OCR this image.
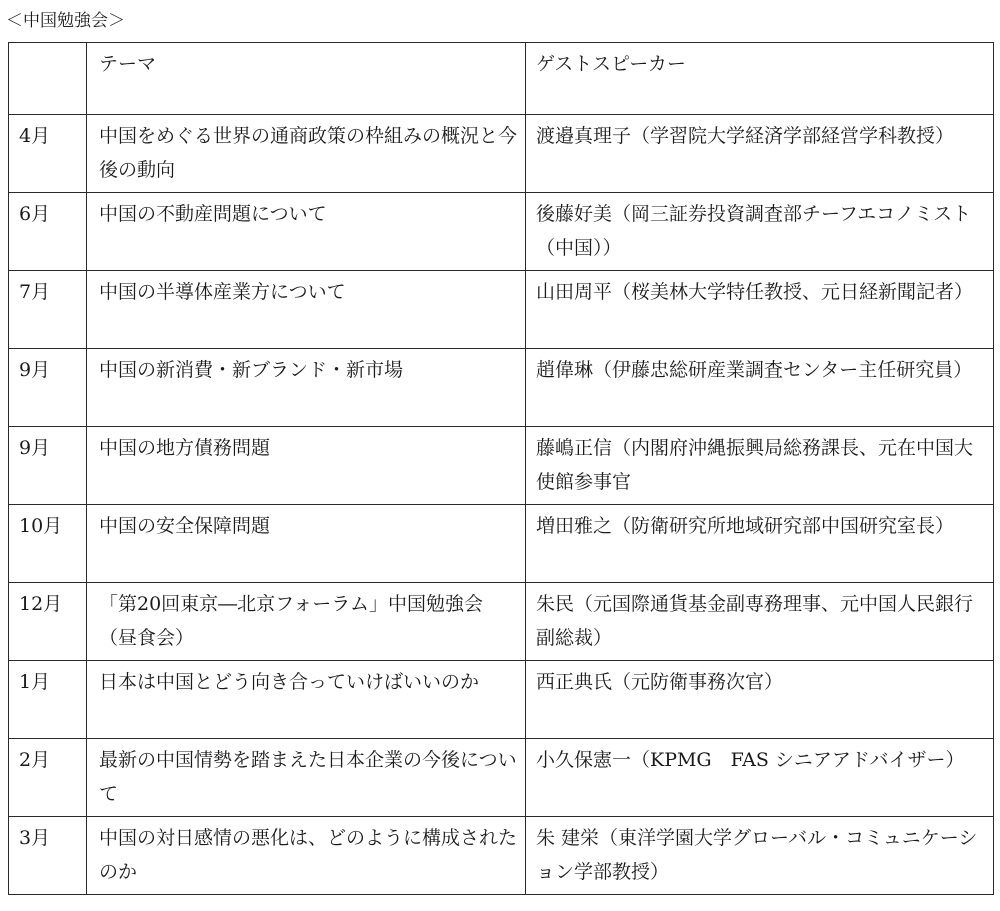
＜中国勉強会＞
	テーマ	ゲストスピーカー
4月	中国をめぐる世界の通商政策の枠組みの概況と今後の動向	渡邉真理子（学習院大学経済学部経営学科教授）
6月	中国の不動産問題について	後藤好美（岡三証券投資調査部チーフエコノミスト（中国））
7月	中国の半導体産業方について	山田周平（桜美林大学特任教授、元日経新聞記者）
9月	中国の新消費・新ブランド・新市場	趙偉琳（伊藤忠総研産業調査センター主任研究員）
9月	中国の地方債務問題	藤嶋正信（内閣府沖縄振興局総務課長、元在中国大使館参事官
10月	中国の安全保障問題	増田雅之（防衛研究所地域研究部中国研究室長）
12月	「第20回東京―北京フォーラム」中国勉強会（昼食会）	朱民（元国際通貨基金副専務理事、元中国人民銀行副総裁）
1月	日本は中国とどう向き合っていけばいいのか	西正典氏（元防衛事務次官）
2月	最新の中国情勢を踏まえた日本企業の今後について	小久保憲一（KPMG　FAS シニアアドバイザー）
3月	中国の対日感情の悪化は、どのように構成されたのか	朱 建栄（東洋学園大学グローバル・コミュニケーション学部教授）
